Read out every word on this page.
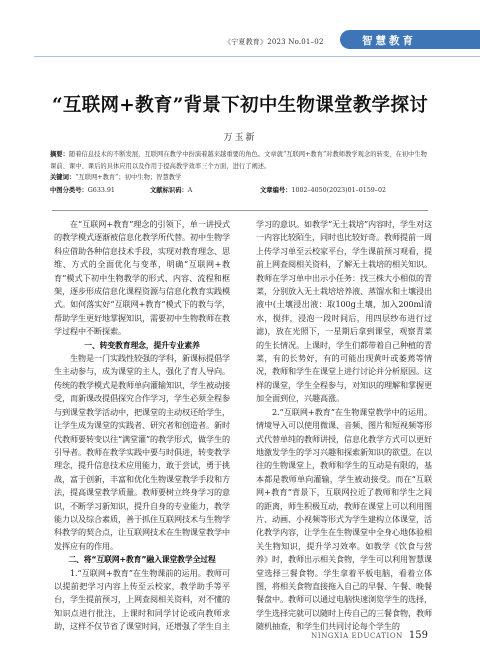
《宁夏教育》2023 No.01–02	智慧教育
“互联网+教育”背景下初中生物课堂教学探讨
万玉新

摘要：随着信息技术的不断发展，互联网在教学中扮演着越来越重要的角色。文章就“互联网+教育”对教师教学观念的转变，在初中生物课前、课中、课后的具体应用以及作用于提高教学效率三个方面，进行了阐述。

关键词：“互联网+教育”；初中生物；智慧教学

中图分类号：G633.91	文献标识码：A	文章编号：1002–4050(2023)01–0159–02

在“互联网+教育”理念的引领下，单一讲授式的教学模式逐渐被信息化教学所代替。初中生物学科应借助各种信息技术手段，实现对教育理念、思维、方式的全面优化与变革，明确“互联网+教育”模式下初中生物教学的形式、内容、流程和框架，逐步形成信息化课程资源与信息化教育实践模式。如何落实好“互联网+教育”模式下的教与学，帮助学生更好地掌握知识，需要初中生物教师在教学过程中不断探索。

一、转变教育理念，提升专业素养

生物是一门实践性较强的学科，新课标提倡学生主动参与，成为课堂的主人，强化了育人导向。传统的教学模式是教师单向灌输知识，学生被动接受，而新课改提倡探究合作学习，学生必须全程参与到课堂教学活动中，把课堂的主动权还给学生，让学生成为课堂的实践者、研究者和创造者。新时代教师要转变以往“满堂灌”的教学形式，做学生的引导者。教师在教学实践中要与时俱进，转变教学理念，提升信息技术应用能力，敢于尝试，勇于挑战，富于创新，丰富和优化生物课堂教学手段和方法，提高课堂教学质量。教师要树立终身学习的意识，不断学习新知识，提升自身的专业能力，教学能力以及综合素质，善于抓住互联网技术与生物学科教学的契合点，让互联网技术在生物课堂教学中发挥应有的作用。

二、将“互联网+教育”融入课堂教学全过程

1.“互联网+教育”在生物课前的运用。教师可以提前把学习内容上传至云校家，教学助手等平台，学生提前预习，上网查阅相关资料，对不懂的知识点进行批注，上课时和同学讨论或向教师求助，这样不仅节省了课堂时间，还增强了学生自主

学习的意识。如教学“无土栽培”内容时，学生对这一内容比较陌生，同时也比较好奇。教师提前一周上传学习单至云校家平台，学生课前预习观看，提前上网查阅相关资料，了解无土栽培的相关知识。教师在学习单中出示小任务：找三株大小相似的青菜，分别放入无土栽培培养液、蒸馏水和土壤浸出液中(土壤浸出液：取100g土壤，加入200ml清水，搅拌，浸泡一段时间后，用四层纱布进行过滤)，放在光照下，一星期后拿到课堂，观察青菜的生长情况。上课时，学生们都带着自己种植的青菜，有的长势好，有的可能出现黄叶或萎蔫等情况，教师和学生在课堂上进行讨论并分析原因。这样的课堂，学生全程参与，对知识的理解和掌握更加全面到位，兴趣高涨。

2.“互联网+教育”在生物课堂教学中的运用。情境导入可以使用微课、音频、图片和短视频等形式代替单纯的教师讲授，信息化教学方式可以更好地激发学生的学习兴趣和探索新知识的欲望。在以往的生物课堂上，教师和学生的互动是有限的，基本都是教师单向灌输，学生被动接受。而在“互联网+教育”背景下，互联网拉近了教师和学生之间的距离，师生积极互动，教师在课堂上可以利用图片、动画、小视频等形式为学生建构立体课堂，活化教学内容，让学生在生物课堂中全身心地体验相关生物知识，提升学习效率。如教学《饮食与营养》时，教师出示相关食物，学生可以利用智慧课堂选择三餐食物。学生拿着平板电脑，看着立体图，将相关食物直接拖入自己的早餐、午餐、晚餐餐盘中。教师可以通过电脑快速浏览学生的选择，学生选择完就可以随时上传自己的三餐食物，教师随机抽查，和学生们共同讨论每个学生的

NINGXIA EDUCATION 159
